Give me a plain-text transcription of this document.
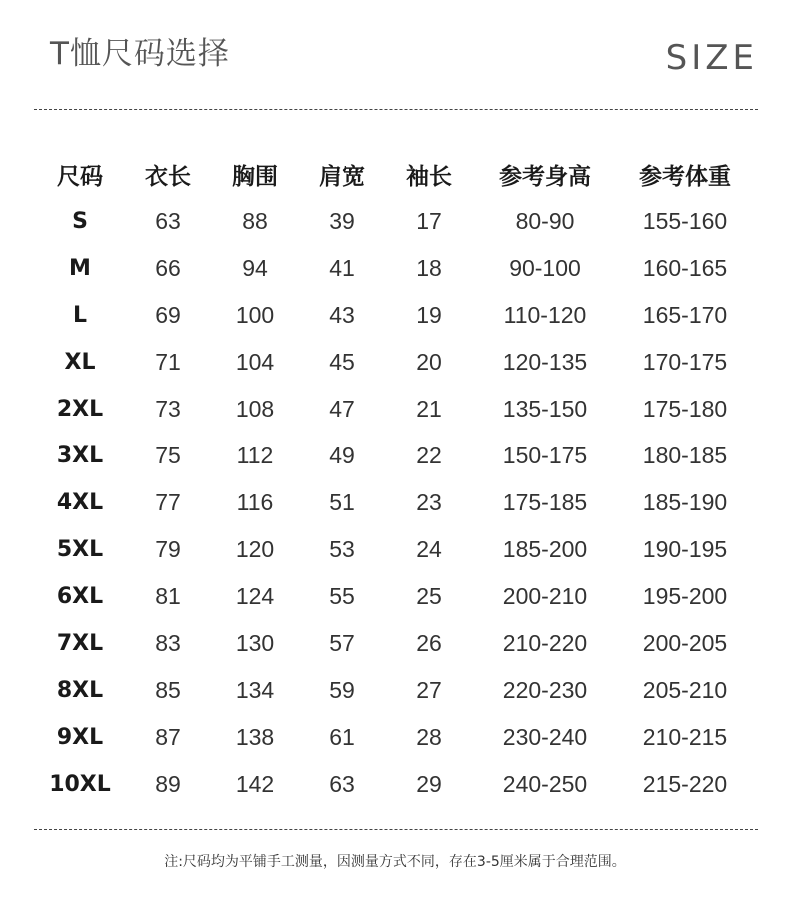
T恤尺码选择	SIZE
尺码	衣长	胸围	肩宽	袖长	参考身高	参考体重
S	63	88	39	17	80-90	155-160
M	66	94	41	18	90-100	160-165
L	69	100	43	19	110-120	165-170
XL	71	104	45	20	120-135	170-175
2XL	73	108	47	21	135-150	175-180
3XL	75	112	49	22	150-175	180-185
4XL	77	116	51	23	175-185	185-190
5XL	79	120	53	24	185-200	190-195
6XL	81	124	55	25	200-210	195-200
7XL	83	130	57	26	210-220	200-205
8XL	85	134	59	27	220-230	205-210
9XL	87	138	61	28	230-240	210-215
10XL	89	142	63	29	240-250	215-220
注:尺码均为平铺手工测量，因测量方式不同，存在3-5厘米属于合理范围。
